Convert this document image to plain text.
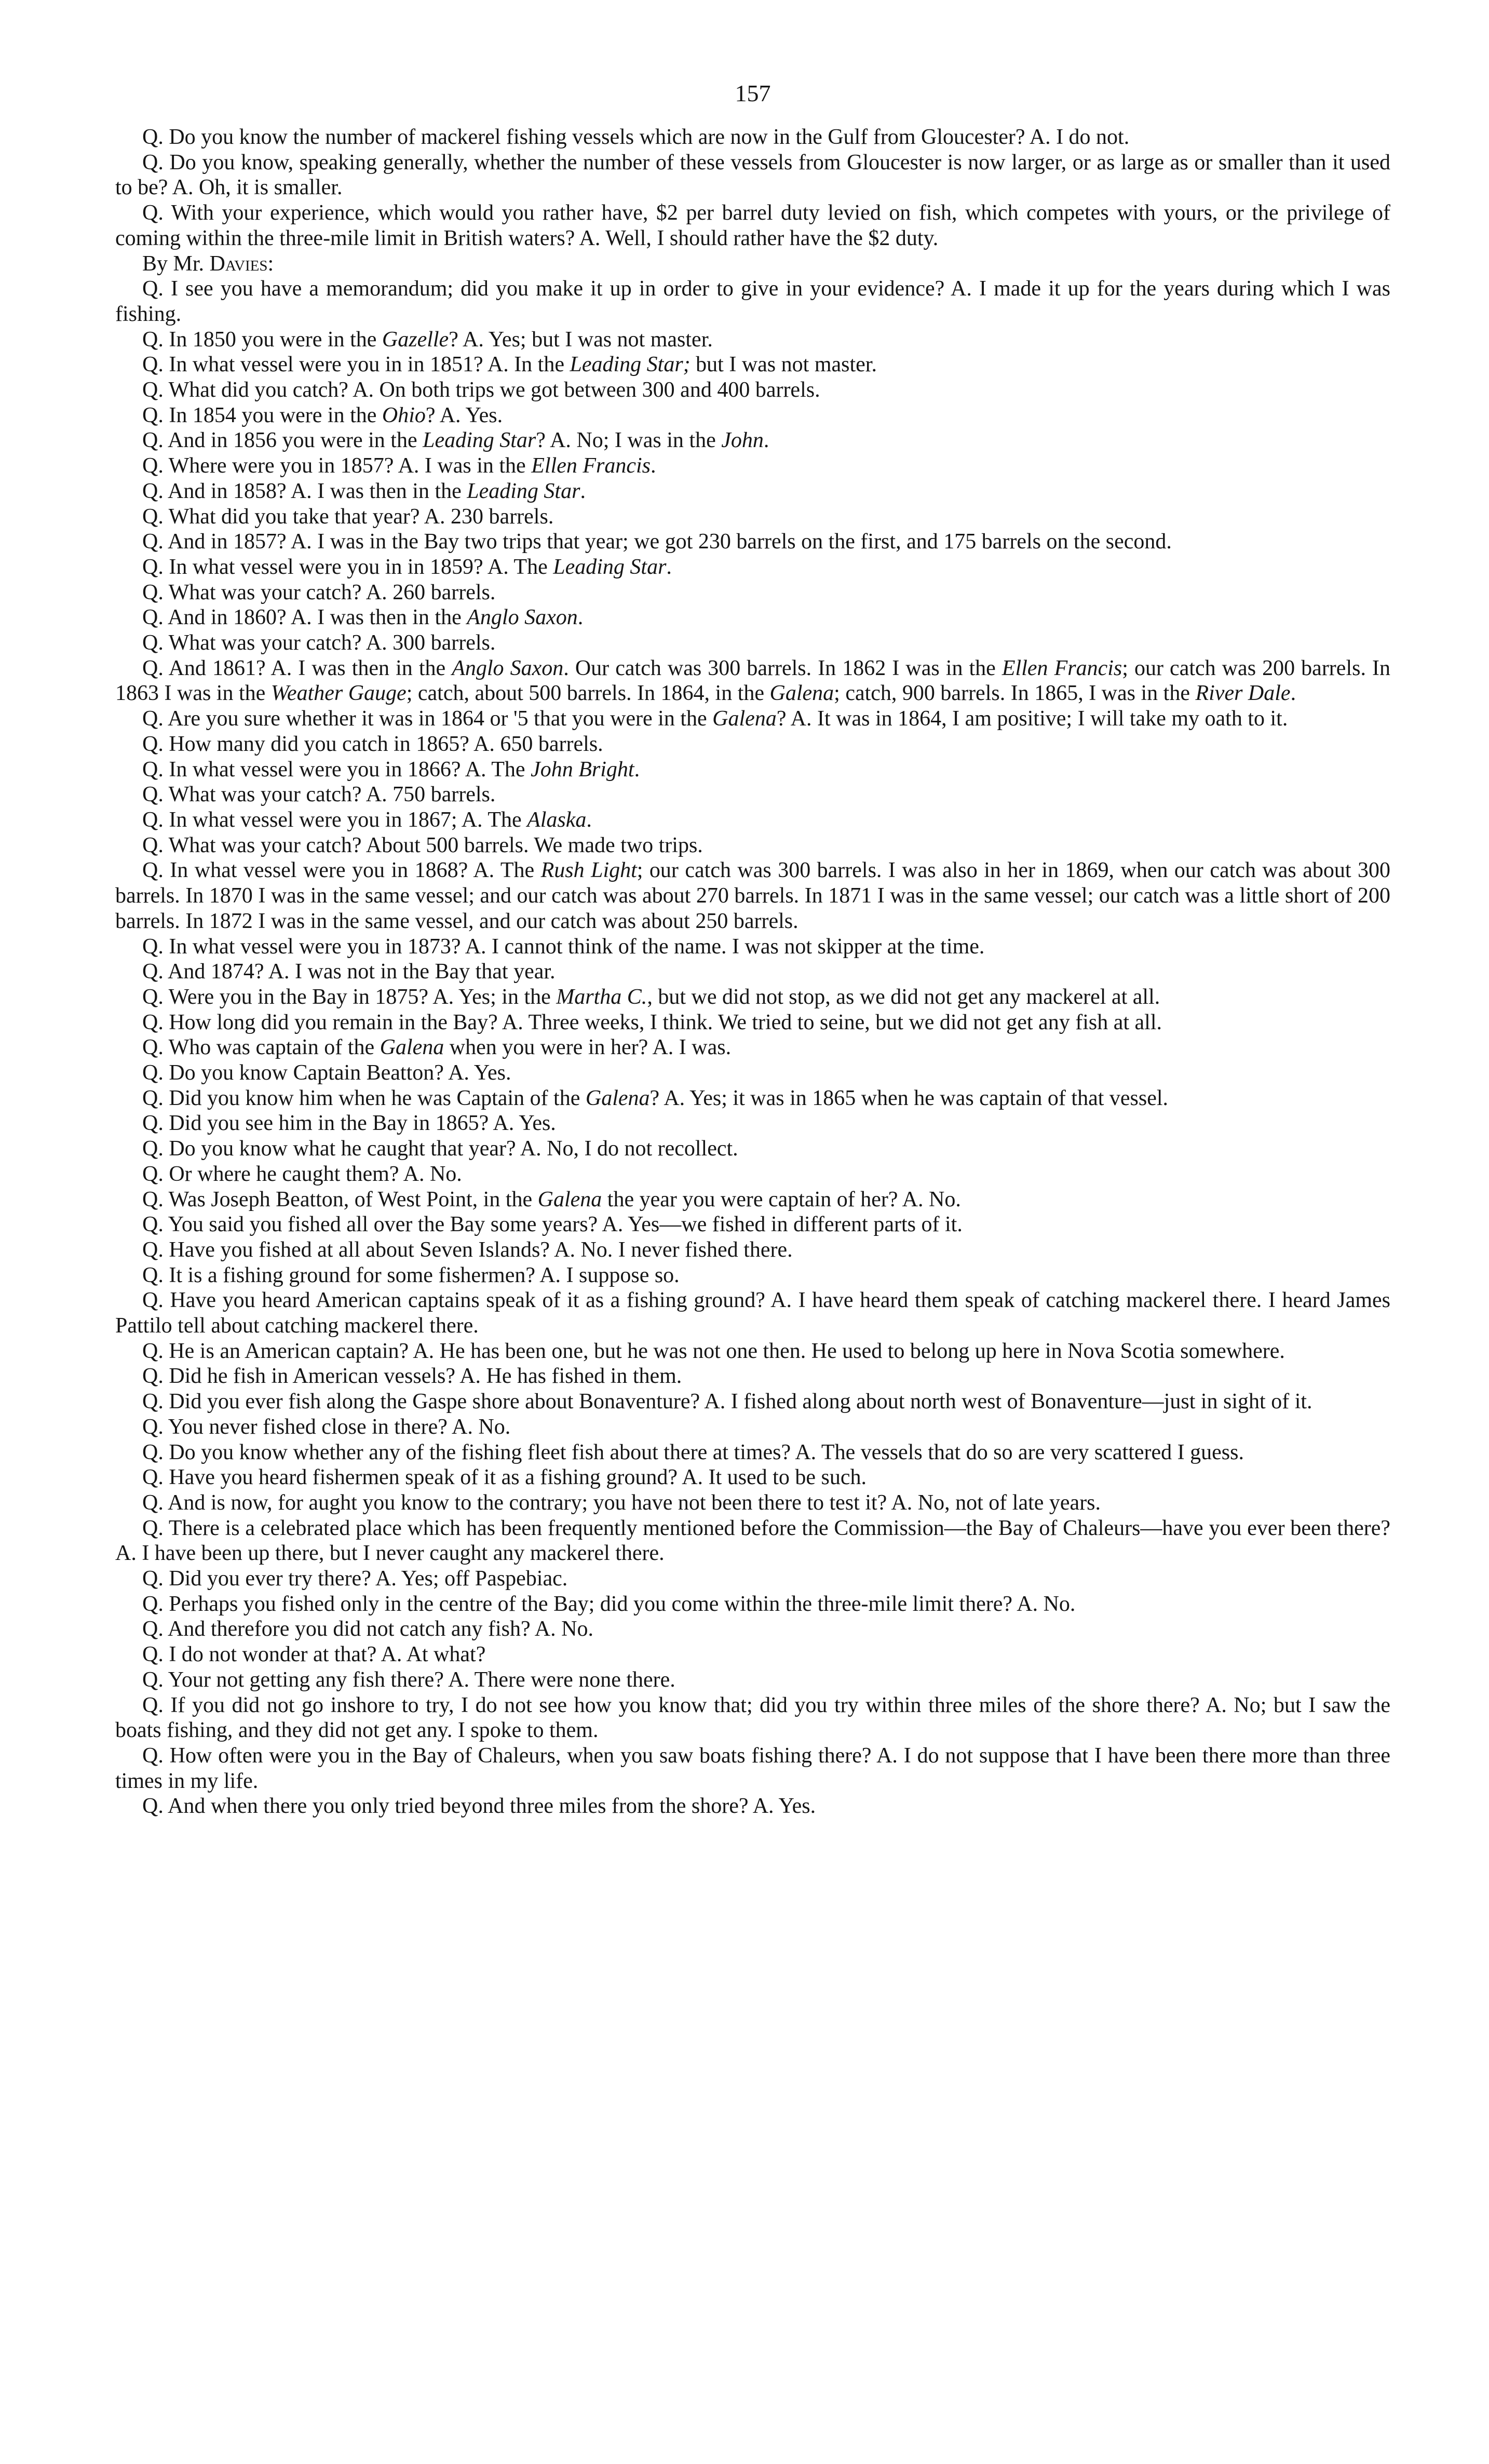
157

Q. Do you know the number of mackerel fishing vessels which are now in the Gulf from Gloucester? A. I do not.

Q. Do you know, speaking generally, whether the number of these vessels from Gloucester is now larger, or as large as or smaller than it used to be? A. Oh, it is smaller.

Q. With your experience, which would you rather have, $2 per barrel duty levied on fish, which competes with yours, or the privilege of coming within the three-mile limit in British waters? A. Well, I should rather have the $2 duty.

By Mr. Davies:

Q. I see you have a memorandum; did you make it up in order to give in your evidence? A. I made it up for the years during which I was fishing.

Q. In 1850 you were in the Gazelle? A. Yes; but I was not master.

Q. In what vessel were you in in 1851? A. In the Leading Star; but I was not master.

Q. What did you catch? A. On both trips we got between 300 and 400 barrels.

Q. In 1854 you were in the Ohio? A. Yes.

Q. And in 1856 you were in the Leading Star? A. No; I was in the John.

Q. Where were you in 1857? A. I was in the Ellen Francis.

Q. And in 1858? A. I was then in the Leading Star.

Q. What did you take that year? A. 230 barrels.

Q. And in 1857? A. I was in the Bay two trips that year; we got 230 barrels on the first, and 175 barrels on the second.

Q. In what vessel were you in in 1859? A. The Leading Star.

Q. What was your catch? A. 260 barrels.

Q. And in 1860? A. I was then in the Anglo Saxon.

Q. What was your catch? A. 300 barrels.

Q. And 1861? A. I was then in the Anglo Saxon. Our catch was 300 barrels. In 1862 I was in the Ellen Francis; our catch was 200 barrels. In 1863 I was in the Weather Gauge; catch, about 500 barrels. In 1864, in the Galena; catch, 900 barrels. In 1865, I was in the River Dale.

Q. Are you sure whether it was in 1864 or '5 that you were in the Galena? A. It was in 1864, I am positive; I will take my oath to it.

Q. How many did you catch in 1865? A. 650 barrels.

Q. In what vessel were you in 1866? A. The John Bright.

Q. What was your catch? A. 750 barrels.

Q. In what vessel were you in 1867; A. The Alaska.

Q. What was your catch? About 500 barrels. We made two trips.

Q. In what vessel were you in 1868? A. The Rush Light; our catch was 300 barrels. I was also in her in 1869, when our catch was about 300 barrels. In 1870 I was in the same vessel; and our catch was about 270 barrels. In 1871 I was in the same vessel; our catch was a little short of 200 barrels. In 1872 I was in the same vessel, and our catch was about 250 barrels.

Q. In what vessel were you in 1873? A. I cannot think of the name. I was not skipper at the time.

Q. And 1874? A. I was not in the Bay that year.

Q. Were you in the Bay in 1875? A. Yes; in the Martha C., but we did not stop, as we did not get any mackerel at all.

Q. How long did you remain in the Bay? A. Three weeks, I think. We tried to seine, but we did not get any fish at all.

Q. Who was captain of the Galena when you were in her? A. I was.

Q. Do you know Captain Beatton? A. Yes.

Q. Did you know him when he was Captain of the Galena? A. Yes; it was in 1865 when he was captain of that vessel.

Q. Did you see him in the Bay in 1865? A. Yes.

Q. Do you know what he caught that year? A. No, I do not recollect.

Q. Or where he caught them? A. No.

Q. Was Joseph Beatton, of West Point, in the Galena the year you were captain of her? A. No.

Q. You said you fished all over the Bay some years? A. Yes—we fished in different parts of it.

Q. Have you fished at all about Seven Islands? A. No. I never fished there.

Q. It is a fishing ground for some fishermen? A. I suppose so.

Q. Have you heard American captains speak of it as a fishing ground? A. I have heard them speak of catching mackerel there. I heard James Pattilo tell about catching mackerel there.

Q. He is an American captain? A. He has been one, but he was not one then. He used to belong up here in Nova Scotia somewhere.

Q. Did he fish in American vessels? A. He has fished in them.

Q. Did you ever fish along the Gaspe shore about Bonaventure? A. I fished along about north west of Bonaventure—just in sight of it.

Q. You never fished close in there? A. No.

Q. Do you know whether any of the fishing fleet fish about there at times? A. The vessels that do so are very scattered I guess.

Q. Have you heard fishermen speak of it as a fishing ground? A. It used to be such.

Q. And is now, for aught you know to the contrary; you have not been there to test it? A. No, not of late years.

Q. There is a celebrated place which has been frequently mentioned before the Commission—the Bay of Chaleurs—have you ever been there? A. I have been up there, but I never caught any mackerel there.

Q. Did you ever try there? A. Yes; off Paspebiac.

Q. Perhaps you fished only in the centre of the Bay; did you come within the three-mile limit there? A. No.

Q. And therefore you did not catch any fish? A. No.

Q. I do not wonder at that? A. At what?

Q. Your not getting any fish there? A. There were none there.

Q. If you did not go inshore to try, I do not see how you know that; did you try within three miles of the shore there? A. No; but I saw the boats fishing, and they did not get any. I spoke to them.

Q. How often were you in the Bay of Chaleurs, when you saw boats fishing there? A. I do not suppose that I have been there more than three times in my life.

Q. And when there you only tried beyond three miles from the shore? A. Yes.
